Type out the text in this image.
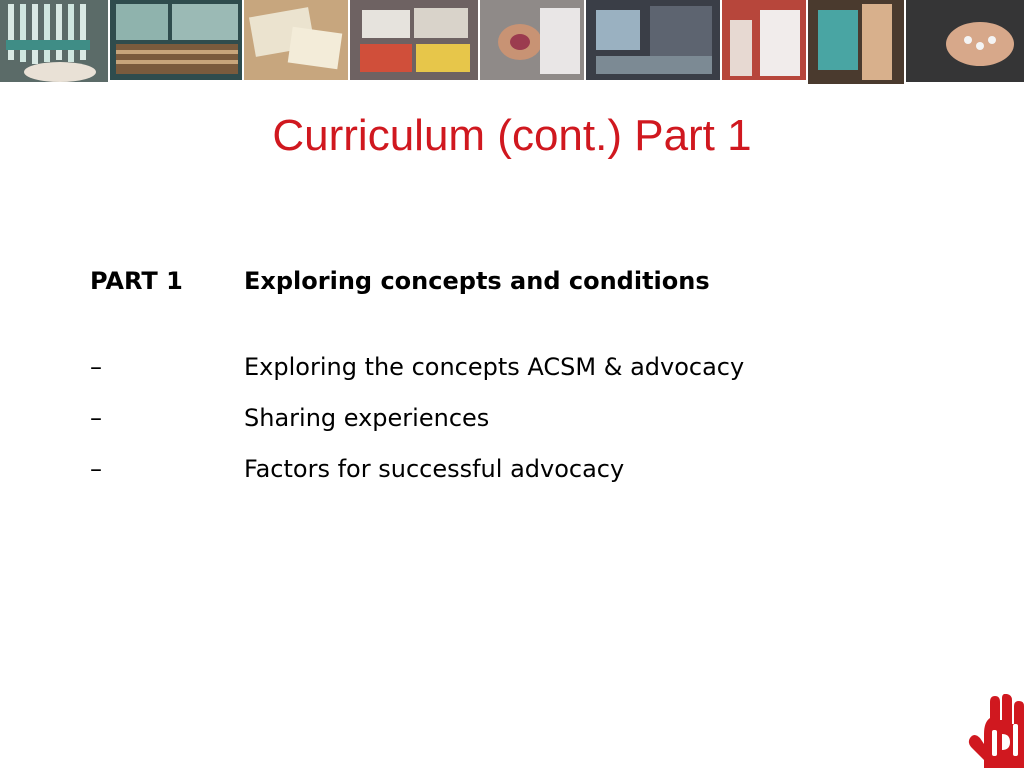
Curriculum (cont.) Part 1
PART 1	Exploring concepts and conditions
–	Exploring the concepts ACSM & advocacy
–	Sharing experiences
–	Factors for successful advocacy
